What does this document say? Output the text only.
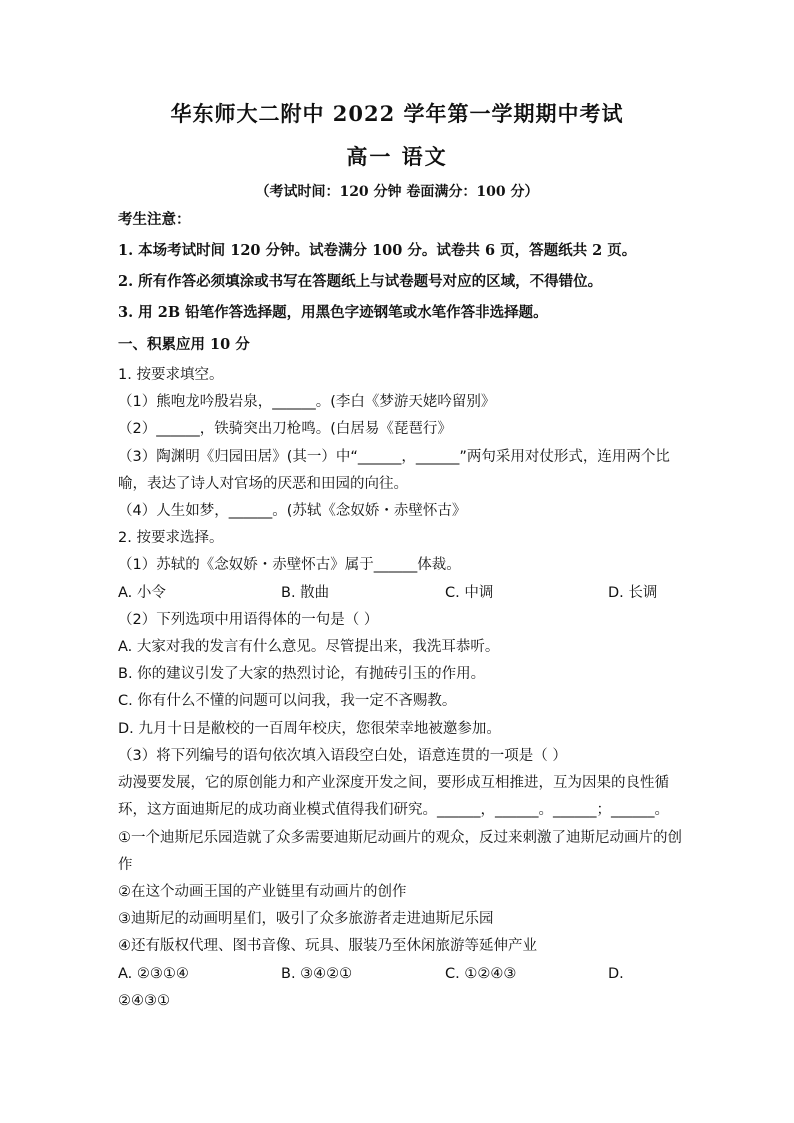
华东师大二附中 2022 学年第一学期期中考试
高一 语文
（考试时间：120 分钟 卷面满分：100 分）
考生注意：
1. 本场考试时间 120 分钟。试卷满分 100 分。试卷共 6 页，答题纸共 2 页。
2. 所有作答必须填涂或书写在答题纸上与试卷题号对应的区域，不得错位。
3. 用 2B 铅笔作答选择题，用黑色字迹钢笔或水笔作答非选择题。
一、积累应用 10 分
1. 按要求填空。
（1）熊咆龙吟殷岩泉，______。(李白《梦游天姥吟留别》
（2）______，铁骑突出刀枪鸣。(白居易《琵琶行》
（3）陶渊明《归园田居》(其一）中“______，______”两句采用对仗形式，连用两个比
喻，表达了诗人对官场的厌恶和田园的向往。
（4）人生如梦，______。(苏轼《念奴娇・赤壁怀古》
2. 按要求选择。
（1）苏轼的《念奴娇・赤壁怀古》属于______体裁。
A. 小令	B. 散曲	C. 中调	D. 长调
（2）下列选项中用语得体的一句是（ ）
A. 大家对我的发言有什么意见。尽管提出来，我洗耳恭听。
B. 你的建议引发了大家的热烈讨论，有抛砖引玉的作用。
C. 你有什么不懂的问题可以问我，我一定不吝赐教。
D. 九月十日是敝校的一百周年校庆，您很荣幸地被邀参加。
（3）将下列编号的语句依次填入语段空白处，语意连贯的一项是（ ）
动漫要发展，它的原创能力和产业深度开发之间，要形成互相推进，互为因果的良性循
环，这方面迪斯尼的成功商业模式值得我们研究。______，______。______；______。
①一个迪斯尼乐园造就了众多需要迪斯尼动画片的观众，反过来刺激了迪斯尼动画片的创
作
②在这个动画王国的产业链里有动画片的创作
③迪斯尼的动画明星们，吸引了众多旅游者走进迪斯尼乐园
④还有版权代理、图书音像、玩具、服装乃至休闲旅游等延伸产业
A. ②③①④	B. ③④②①	C. ①②④③	D.
②④③①
